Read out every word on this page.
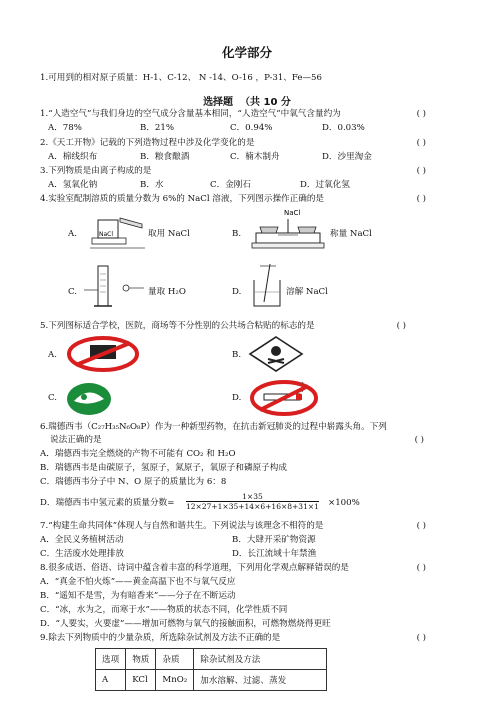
化学部分
1.可用到的相对原子质量：H-1、C-12、 N -14、O-16 ，P-31、Fe—56
选择题 （共 10 分
1.“人造空气”与我们身边的空气成分含量基本相同，“人造空气”中氧气含量约为	( )
A．78%	B．21%	C．0.94%	D．0.03%
2.《天工开物》记载的下列造物过程中涉及化学变化的是	( )
A．棉线织布	B．粮食酿酒	C．楠木制舟	D．沙里淘金
3.下列物质是由离子构成的是	( )
A．氢氧化钠	B．水	C．金刚石	D．过氧化氢
4.实验室配制溶质的质量分数为 6%的 NaCl 溶液，下列图示操作正确的是	( )
A.	NaCl	取用 NaCl	B.
NaCl
称量 NaCl
C.	量取 H₂O	D.	溶解 NaCl
5.下列图标适合学校，医院，商场等不分性别的公共场合粘贴的标志的是	( )
A.	B.
C.	D.
6.瑞德西韦（C₂₇H₃₅N₆O₈P）作为一种新型药物，在抗击新冠肺炎的过程中崭露头角。下列
说法正确的是	( )
A．瑞德西韦完全燃烧的产物不可能有 CO₂ 和 H₂O
B．瑞德西韦是由碳原子，氢原子，氮原子，氧原子和磷原子构成
C．瑞德西韦分子中 N、O 原子的质量比为 6：8
D．瑞德西韦中氢元素的质量分数= $\frac{1\times 35}{12\times 27+1\times 35+14\times 6+16\times 8+31\times 1} \times 100\%$
7.“构建生命共同体”体现人与自然和谐共生。下列说法与该理念不相符的是	( )
A．全民义务植树活动	B．大肆开采矿物资源
C．生活废水处理排放	D．长江流域十年禁渔
8.很多成语、俗语、诗词中蕴含着丰富的科学道理，下列用化学观点解释错误的是	( )
A．“真金不怕火炼”——黄金高温下也不与氧气反应
B．“遥知不是雪，为有暗香来”——分子在不断运动
C．“冰，水为之，而寒于水”——物质的状态不同，化学性质不同
D．“人要实，火要虚”——增加可燃物与氧气的接触面积，可燃物燃烧得更旺
9.除去下列物质中的少量杂质，所选除杂试剂及方法不正确的是	( )
选项	物质	杂质	除杂试剂及方法
A	KCl	MnO₂	加水溶解、过滤、蒸发
